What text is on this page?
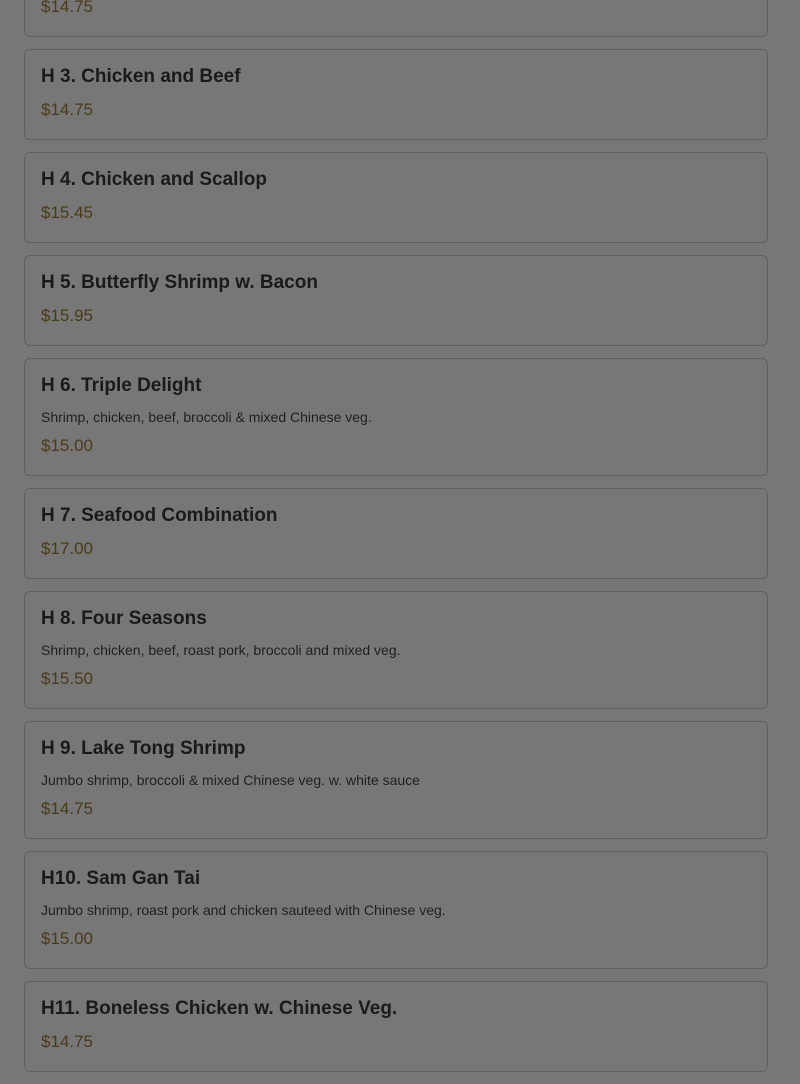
$14.75

H 3. Chicken and Beef

$14.75

H 4. Chicken and Scallop

$15.45

H 5. Butterfly Shrimp w. Bacon

$15.95

H 6. Triple Delight

Shrimp, chicken, beef, broccoli & mixed Chinese veg.

$15.00

H 7. Seafood Combination

$17.00

H 8. Four Seasons

Shrimp, chicken, beef, roast pork, broccoli and mixed veg.

$15.50

H 9. Lake Tong Shrimp

Jumbo shrimp, broccoli & mixed Chinese veg. w. white sauce

$14.75

H10. Sam Gan Tai

Jumbo shrimp, roast pork and chicken sauteed with Chinese veg.

$15.00

H11. Boneless Chicken w. Chinese Veg.

$14.75
